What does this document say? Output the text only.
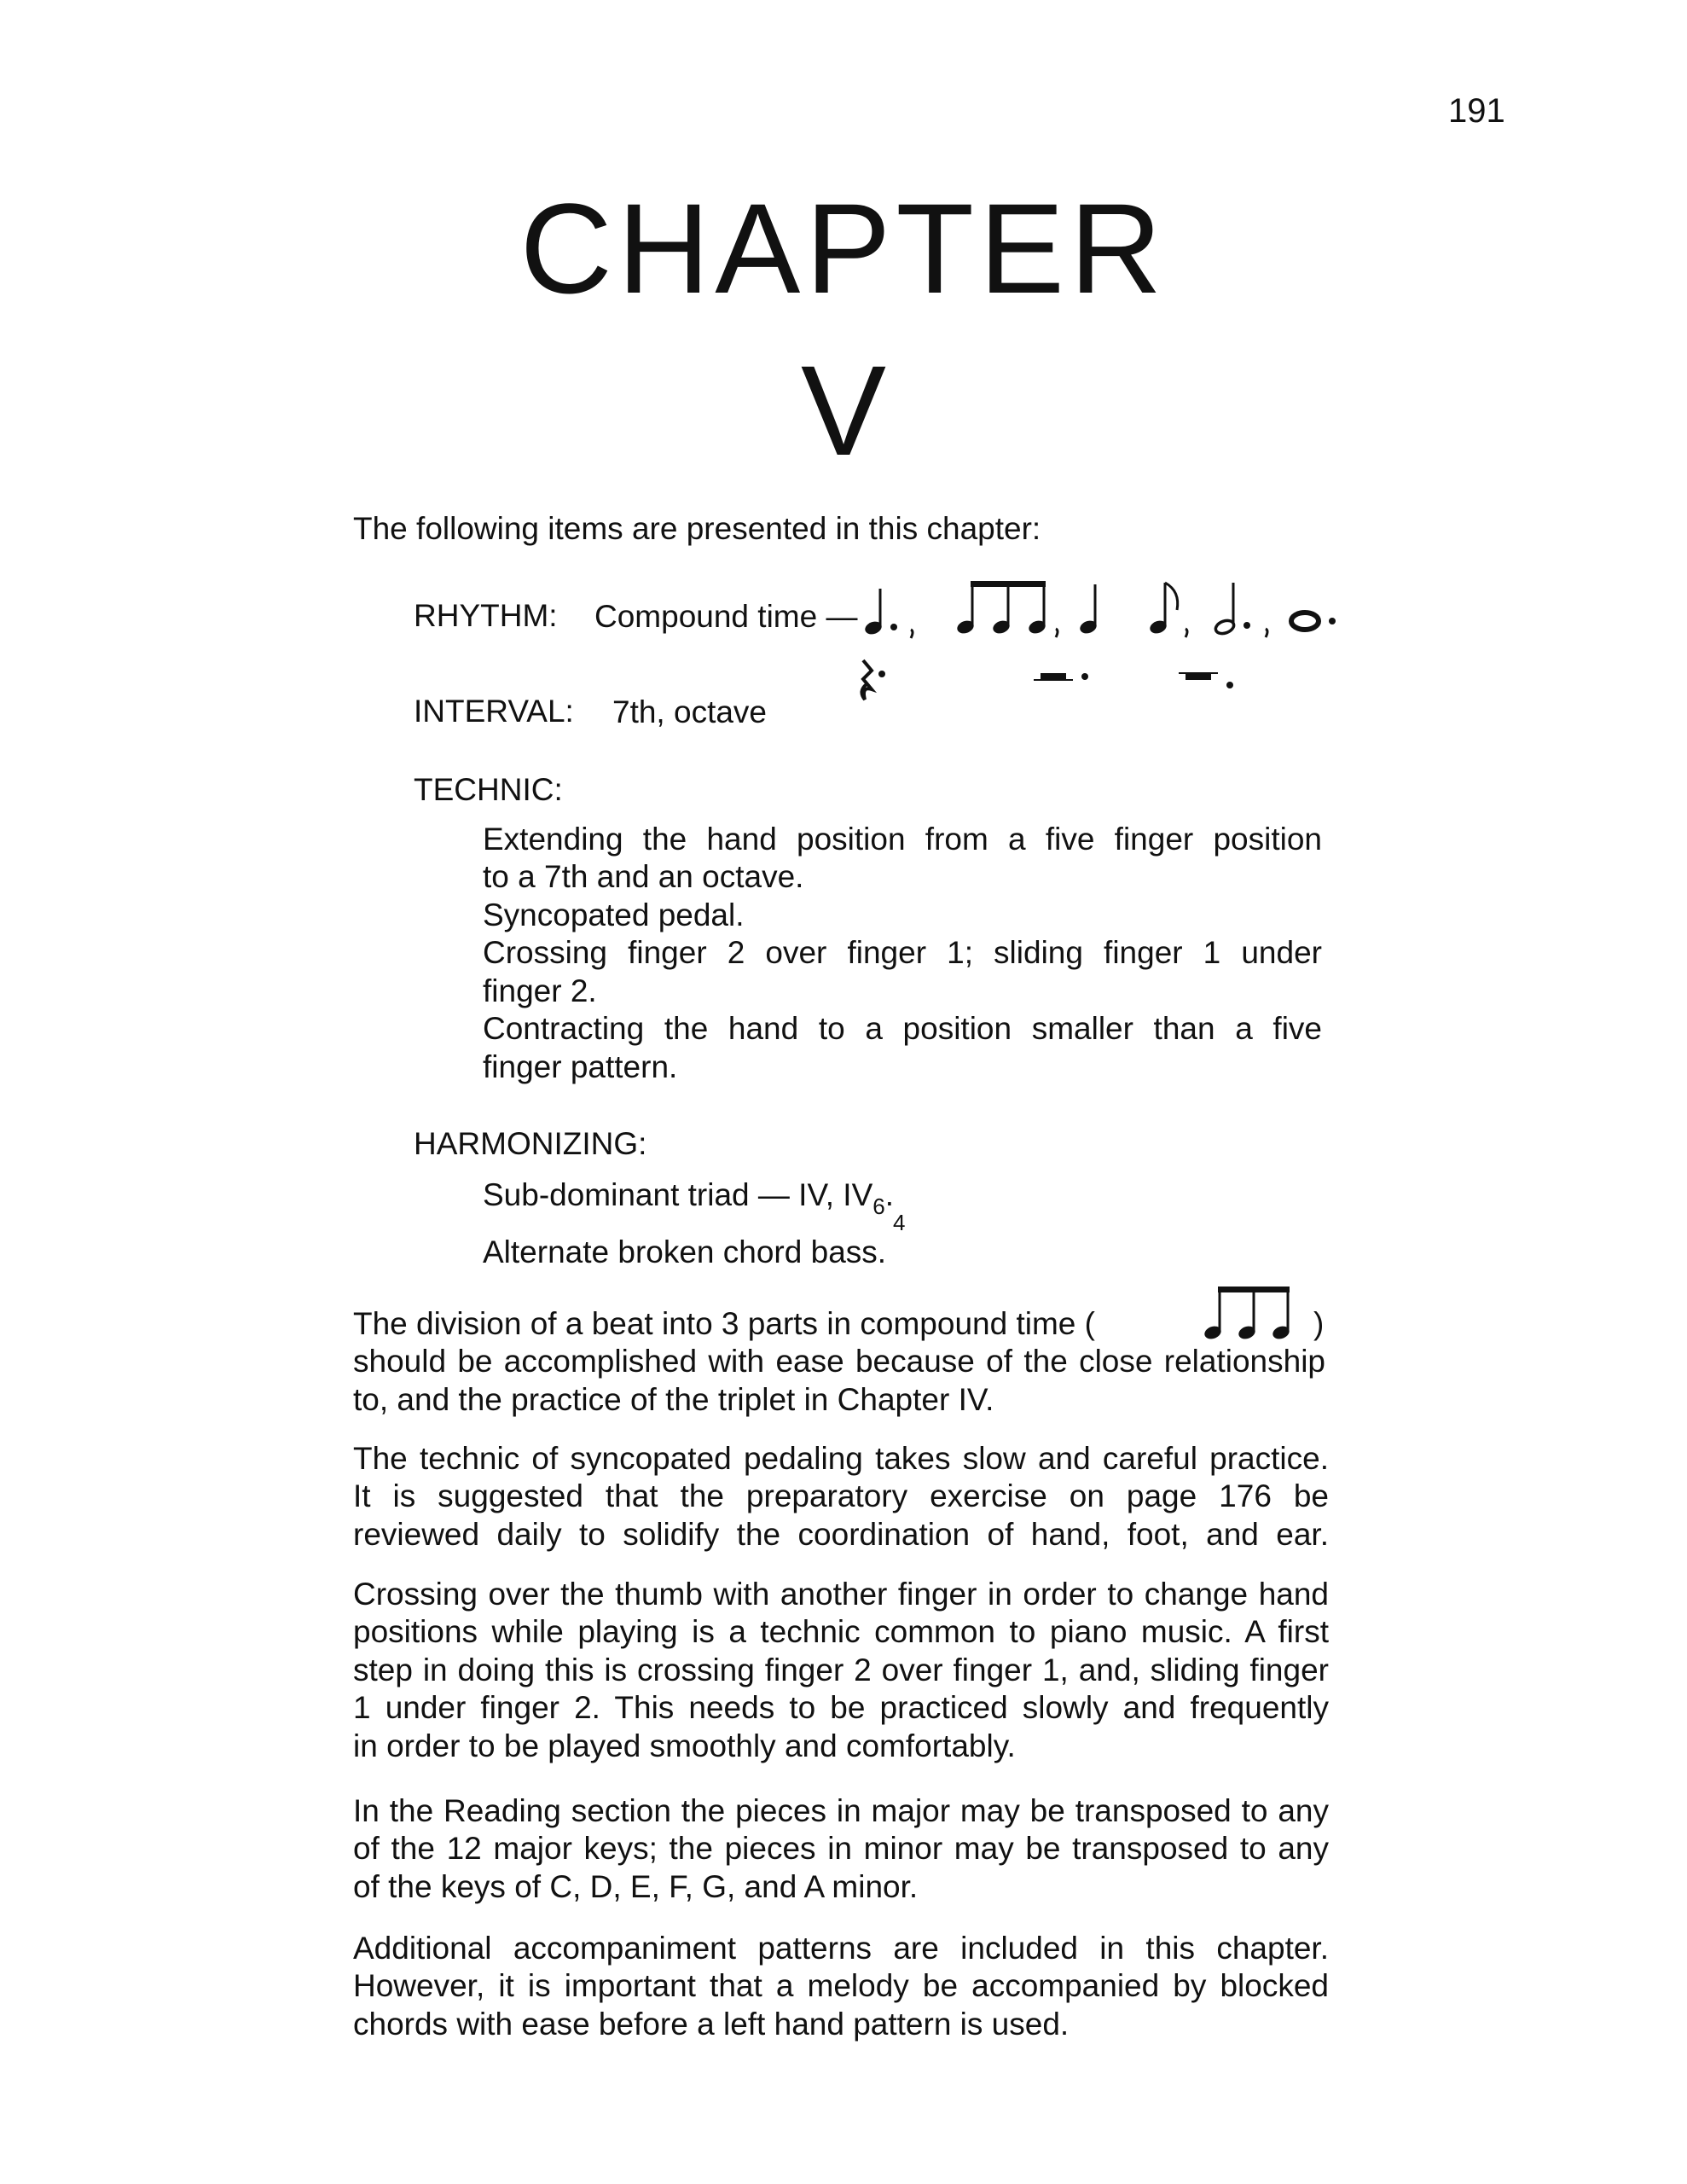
191
CHAPTER
V
The following items are presented in this chapter:
RHYTHM: Compound time —
INTERVAL: 7th, octave
TECHNIC:
Extending the hand position from a five finger position
to a 7th and an octave.
Syncopated pedal.
Crossing finger 2 over finger 1; sliding finger 1 under
finger 2.
Contracting the hand to a position smaller than a five
finger pattern.
HARMONIZING:
Sub-dominant triad — IV, $IV_6$.
4
Alternate broken chord bass.
The division of a beat into 3 parts in compound time (	)
should be accomplished with ease because of the close relationship
to, and the practice of the triplet in Chapter IV.
The technic of syncopated pedaling takes slow and careful practice.
It is suggested that the preparatory exercise on page 176 be
reviewed daily to solidify the coordination of hand, foot, and ear.
Crossing over the thumb with another finger in order to change hand
positions while playing is a technic common to piano music. A first
step in doing this is crossing finger 2 over finger 1, and, sliding finger
1 under finger 2. This needs to be practiced slowly and frequently
in order to be played smoothly and comfortably.
In the Reading section the pieces in major may be transposed to any
of the 12 major keys; the pieces in minor may be transposed to any
of the keys of C, D, E, F, G, and A minor.
Additional accompaniment patterns are included in this chapter.
However, it is important that a melody be accompanied by blocked
chords with ease before a left hand pattern is used.
